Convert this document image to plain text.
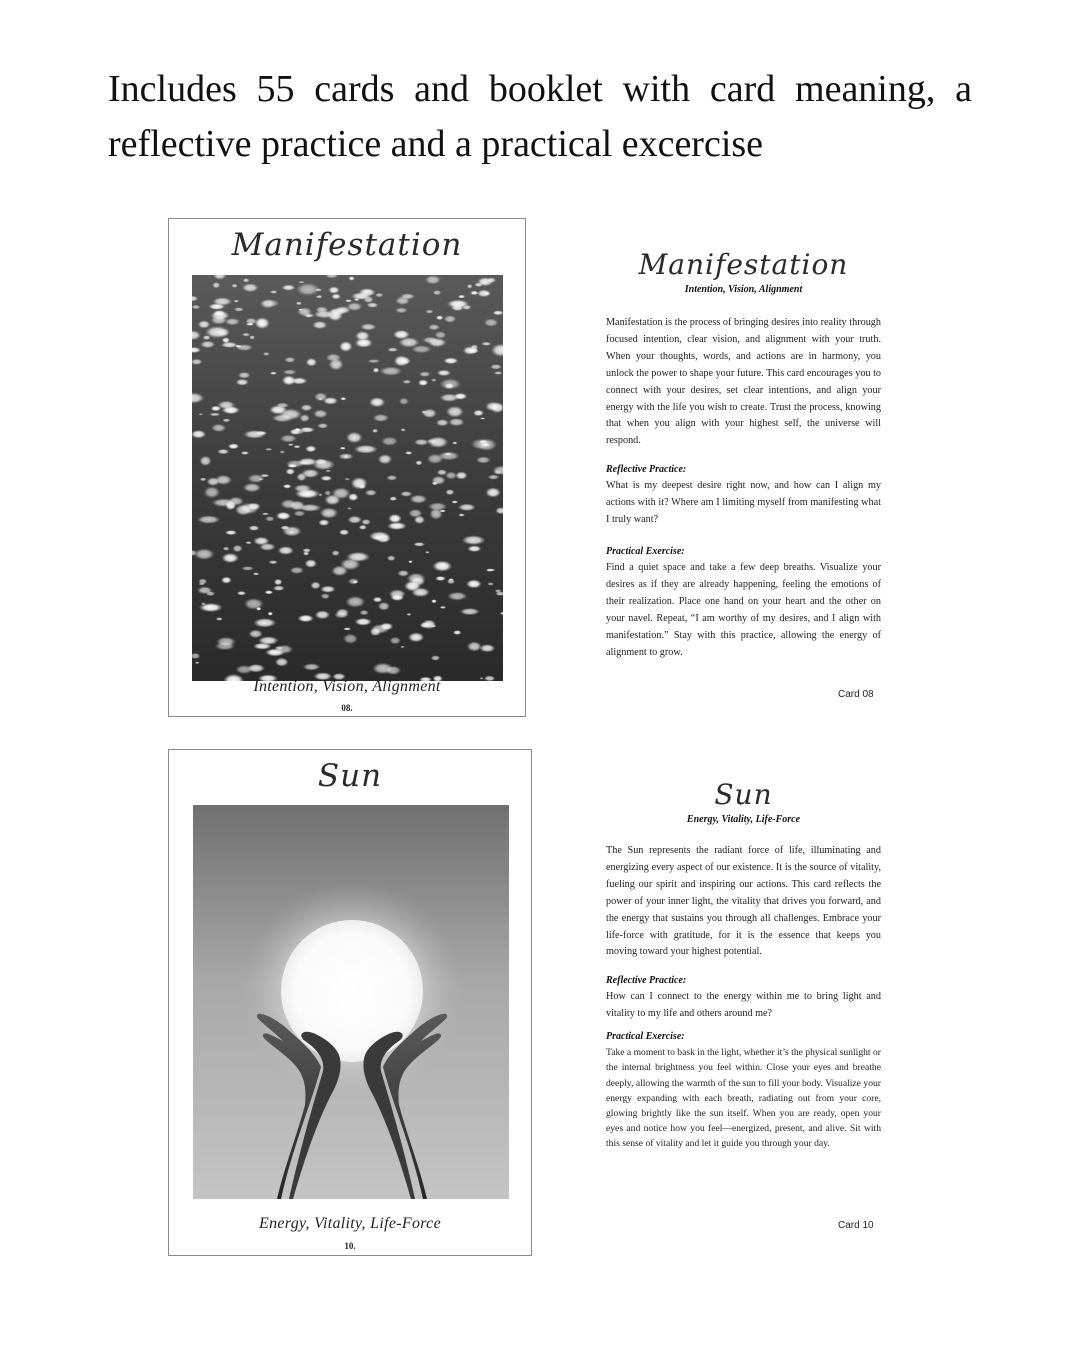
Includes 55 cards and booklet with card meaning, a reflective practice and a practical excercise
Manifestation
Intention, Vision, Alignment
08.
Sun
Energy, Vitality, Life-Force
10.
Manifestation
Intention, Vision, Alignment
Manifestation is the process of bringing desires into reality through focused intention, clear vision, and alignment with your truth. When your thoughts, words, and actions are in harmony, you unlock the power to shape your future. This card encourages you to connect with your desires, set clear intentions, and align your energy with the life you wish to create. Trust the process, knowing that when you align with your highest self, the universe will respond.
Reflective Practice:
What is my deepest desire right now, and how can I align my actions with it? Where am I limiting myself from manifesting what I truly want?
Practical Exercise:
Find a quiet space and take a few deep breaths. Visualize your desires as if they are already happening, feeling the emotions of their realization. Place one hand on your heart and the other on your navel. Repeat, “I am worthy of my desires, and I align with manifestation.” Stay with this practice, allowing the energy of alignment to grow.
Card 08
Sun
Energy, Vitality, Life-Force
The Sun represents the radiant force of life, illuminating and energizing every aspect of our existence. It is the source of vitality, fueling our spirit and inspiring our actions. This card reflects the power of your inner light, the vitality that drives you forward, and the energy that sustains you through all challenges. Embrace your life-force with gratitude, for it is the essence that keeps you moving toward your highest potential.
Reflective Practice:
How can I connect to the energy within me to bring light and vitality to my life and others around me?
Practical Exercise:
Take a moment to bask in the light, whether it’s the physical sunlight or the internal brightness you feel within. Close your eyes and breathe deeply, allowing the warmth of the sun to fill your body. Visualize your energy expanding with each breath, radiating out from your core, glowing brightly like the sun itself. When you are ready, open your eyes and notice how you feel—energized, present, and alive. Sit with this sense of vitality and let it guide you through your day.
Card 10
